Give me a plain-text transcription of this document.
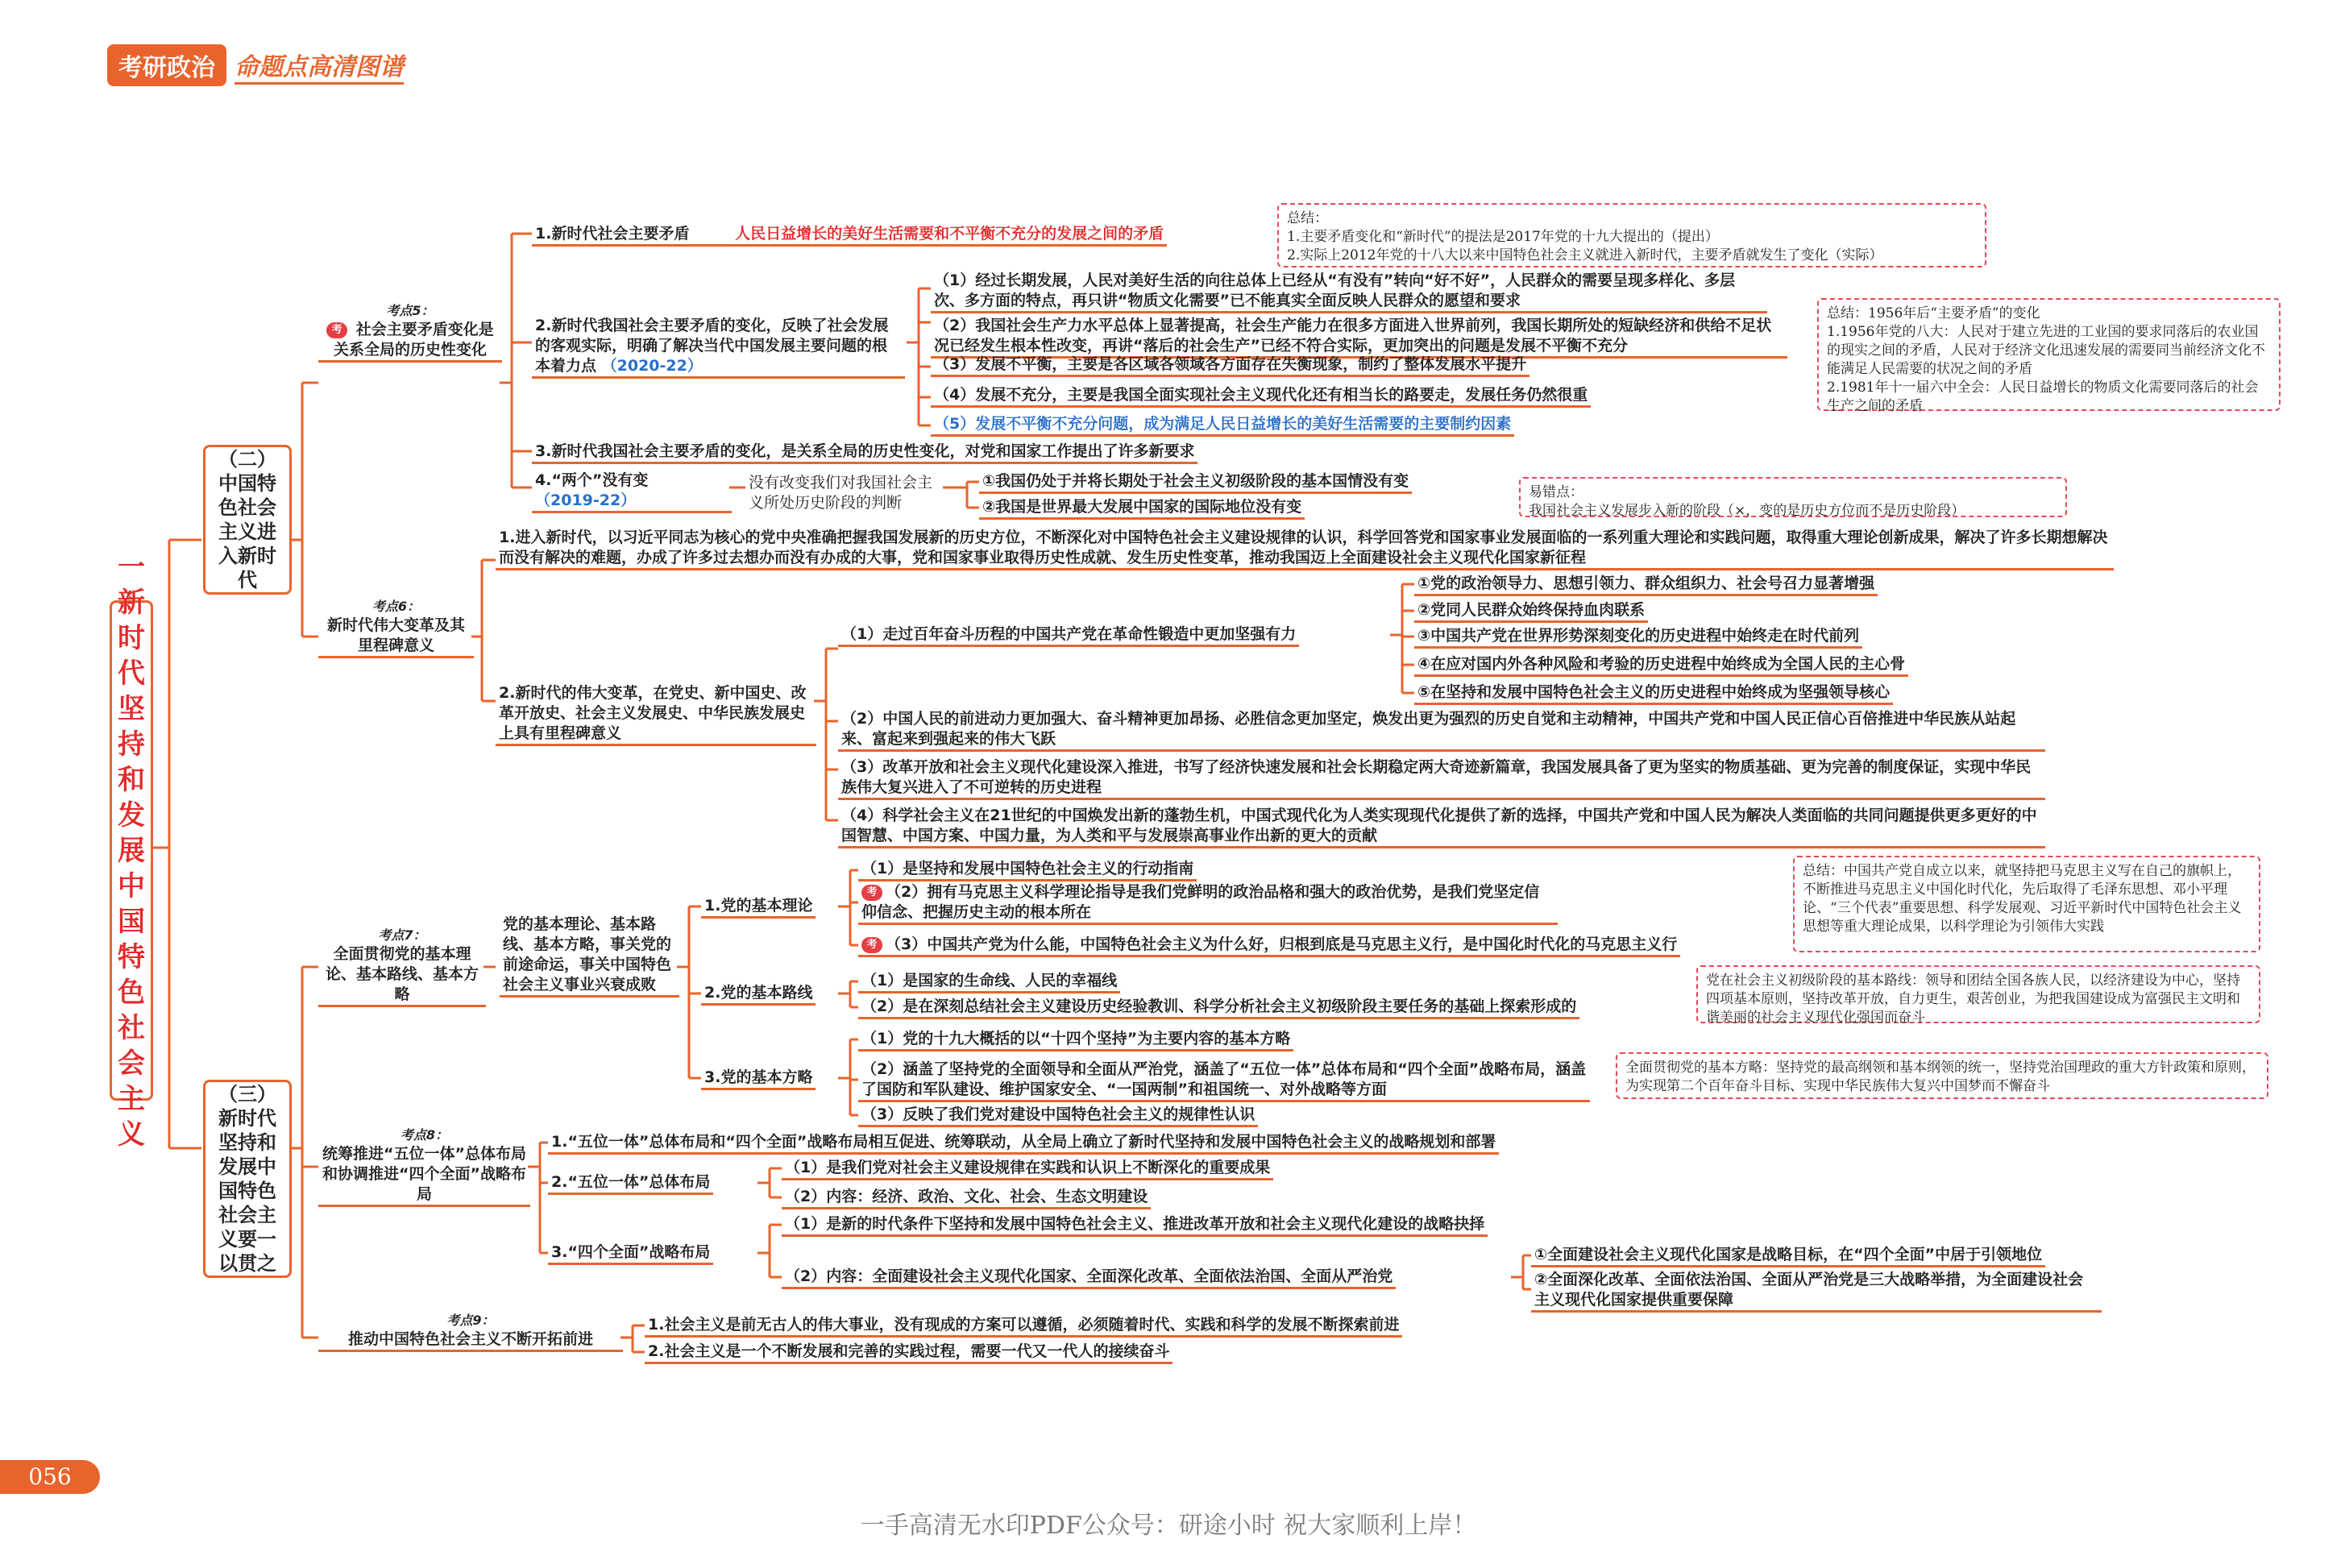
考研政治 命题点高清图谱
一
新时代坚持和发展中国特色社会主义
（二）中国特色社会主义进入新时代
（三）新时代坚持和发展中国特色社会主义要一以贯之
考点5：
考 社会主要矛盾变化是关系全局的历史性变化
1.新时代社会主要矛盾	人民日益增长的美好生活需要和不平衡不充分的发展之间的矛盾
2.新时代我国社会主要矛盾的变化，反映了社会发展的客观实际，明确了解决当代中国发展主要问题的根本着力点 （2020-22）
（1）经过长期发展，人民对美好生活的向往总体上已经从“有没有”转向“好不好”，人民群众的需要呈现多样化、多层次、多方面的特点，再只讲“物质文化需要”已不能真实全面反映人民群众的愿望和要求
（2）我国社会生产力水平总体上显著提高，社会生产能力在很多方面进入世界前列，我国长期所处的短缺经济和供给不足状况已经发生根本性改变，再讲“落后的社会生产”已经不符合实际，更加突出的问题是发展不平衡不充分
（3）发展不平衡，主要是各区域各领域各方面存在失衡现象，制约了整体发展水平提升
（4）发展不充分，主要是我国全面实现社会主义现代化还有相当长的路要走，发展任务仍然很重
（5）发展不平衡不充分问题，成为满足人民日益增长的美好生活需要的主要制约因素
3.新时代我国社会主要矛盾的变化，是关系全局的历史性变化，对党和国家工作提出了许多新要求
4.“两个”没有变
（2019-22）
没有改变我们对我国社会主义所处历史阶段的判断
①我国仍处于并将长期处于社会主义初级阶段的基本国情没有变
②我国是世界最大发展中国家的国际地位没有变
考点6：
新时代伟大变革及其里程碑意义
1.进入新时代，以习近平同志为核心的党中央准确把握我国发展新的历史方位，不断深化对中国特色社会主义建设规律的认识，科学回答党和国家事业发展面临的一系列重大理论和实践问题，取得重大理论创新成果，解决了许多长期想解决而没有解决的难题，办成了许多过去想办而没有办成的大事，党和国家事业取得历史性成就、发生历史性变革，推动我国迈上全面建设社会主义现代化国家新征程
2.新时代的伟大变革，在党史、新中国史、改革开放史、社会主义发展史、中华民族发展史上具有里程碑意义
（1）走过百年奋斗历程的中国共产党在革命性锻造中更加坚强有力
①党的政治领导力、思想引领力、群众组织力、社会号召力显著增强
②党同人民群众始终保持血肉联系
③中国共产党在世界形势深刻变化的历史进程中始终走在时代前列
④在应对国内外各种风险和考验的历史进程中始终成为全国人民的主心骨
⑤在坚持和发展中国特色社会主义的历史进程中始终成为坚强领导核心
（2）中国人民的前进动力更加强大、奋斗精神更加昂扬、必胜信念更加坚定，焕发出更为强烈的历史自觉和主动精神，中国共产党和中国人民正信心百倍推进中华民族从站起来、富起来到强起来的伟大飞跃
（3）改革开放和社会主义现代化建设深入推进，书写了经济快速发展和社会长期稳定两大奇迹新篇章，我国发展具备了更为坚实的物质基础、更为完善的制度保证，实现中华民族伟大复兴进入了不可逆转的历史进程
（4）科学社会主义在21世纪的中国焕发出新的蓬勃生机，中国式现代化为人类实现现代化提供了新的选择，中国共产党和中国人民为解决人类面临的共同问题提供更多更好的中国智慧、中国方案、中国力量，为人类和平与发展崇高事业作出新的更大的贡献
考点7：
全面贯彻党的基本理论、基本路线、基本方略
党的基本理论、基本路线、基本方略，事关党的前途命运，事关中国特色社会主义事业兴衰成败
1.党的基本理论
（1）是坚持和发展中国特色社会主义的行动指南
考 （2）拥有马克思主义科学理论指导是我们党鲜明的政治品格和强大的政治优势，是我们党坚定信仰信念、把握历史主动的根本所在
考 （3）中国共产党为什么能，中国特色社会主义为什么好，归根到底是马克思主义行，是中国化时代化的马克思主义行
2.党的基本路线
（1）是国家的生命线、人民的幸福线
（2）是在深刻总结社会主义建设历史经验教训、科学分析社会主义初级阶段主要任务的基础上探索形成的
3.党的基本方略
（1）党的十九大概括的以“十四个坚持”为主要内容的基本方略
（2）涵盖了坚持党的全面领导和全面从严治党，涵盖了“五位一体”总体布局和“四个全面”战略布局，涵盖了国防和军队建设、维护国家安全、“一国两制”和祖国统一、对外战略等方面
（3）反映了我们党对建设中国特色社会主义的规律性认识
考点8：
统筹推进“五位一体”总体布局和协调推进“四个全面”战略布局
1.“五位一体”总体布局和“四个全面”战略布局相互促进、统筹联动，从全局上确立了新时代坚持和发展中国特色社会主义的战略规划和部署
2.“五位一体”总体布局
（1）是我们党对社会主义建设规律在实践和认识上不断深化的重要成果
（2）内容：经济、政治、文化、社会、生态文明建设
3.“四个全面”战略布局
（1）是新的时代条件下坚持和发展中国特色社会主义、推进改革开放和社会主义现代化建设的战略抉择
（2）内容：全面建设社会主义现代化国家、全面深化改革、全面依法治国、全面从严治党
①全面建设社会主义现代化国家是战略目标，在“四个全面”中居于引领地位
②全面深化改革、全面依法治国、全面从严治党是三大战略举措，为全面建设社会主义现代化国家提供重要保障
考点9：
推动中国特色社会主义不断开拓前进
1.社会主义是前无古人的伟大事业，没有现成的方案可以遵循，必须随着时代、实践和科学的发展不断探索前进
2.社会主义是一个不断发展和完善的实践过程，需要一代又一代人的接续奋斗
总结：
1.主要矛盾变化和“新时代”的提法是2017年党的十九大提出的（提出）
2.实际上2012年党的十八大以来中国特色社会主义就进入新时代，主要矛盾就发生了变化（实际）
总结：1956年后“主要矛盾”的变化
1.1956年党的八大：人民对于建立先进的工业国的要求同落后的农业国的现实之间的矛盾，人民对于经济文化迅速发展的需要同当前经济文化不能满足人民需要的状况之间的矛盾
2.1981年十一届六中全会：人民日益增长的物质文化需要同落后的社会生产之间的矛盾
易错点：
我国社会主义发展步入新的阶段（×，变的是历史方位而不是历史阶段）
总结：中国共产党自成立以来，就坚持把马克思主义写在自己的旗帜上，不断推进马克思主义中国化时代化，先后取得了毛泽东思想、邓小平理论、“三个代表”重要思想、科学发展观、习近平新时代中国特色社会主义思想等重大理论成果，以科学理论为引领伟大实践
党在社会主义初级阶段的基本路线：领导和团结全国各族人民，以经济建设为中心，坚持四项基本原则，坚持改革开放，自力更生，艰苦创业，为把我国建设成为富强民主文明和谐美丽的社会主义现代化强国而奋斗
全面贯彻党的基本方略：坚持党的最高纲领和基本纲领的统一，坚持党治国理政的重大方针政策和原则，为实现第二个百年奋斗目标、实现中华民族伟大复兴中国梦而不懈奋斗
056
一手高清无水印PDF公众号：研途小时 祝大家顺利上岸！
